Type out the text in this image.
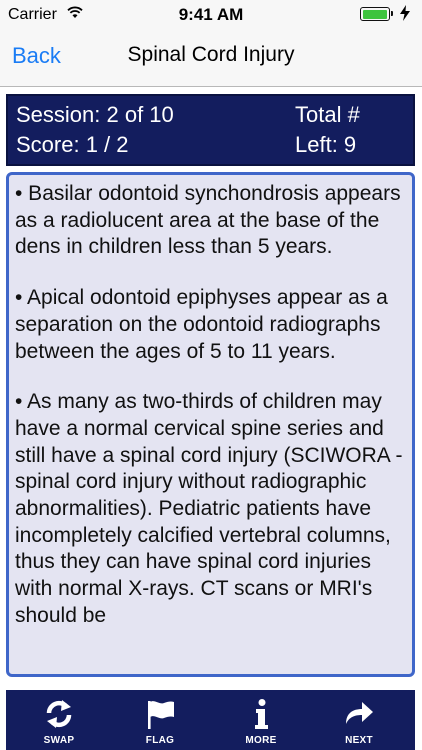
Carrier	9:41 AM
Back	Spinal Cord Injury
Session: 2 of 10
Score: 1 / 2
Total #
Left: 9

• Basilar odontoid synchondrosis appears as a radiolucent area at the base of the dens in children less than 5 years.

• Apical odontoid epiphyses appear as a separation on the odontoid radiographs between the ages of 5 to 11 years.

• As many as two-thirds of children may have a normal cervical spine series and still have a spinal cord injury (SCIWORA - spinal cord injury without radiographic abnormalities). Pediatric patients have incompletely calcified vertebral columns, thus they can have spinal cord injuries with normal X-rays. CT scans or MRI's should be

SWAP	FLAG	MORE	NEXT
